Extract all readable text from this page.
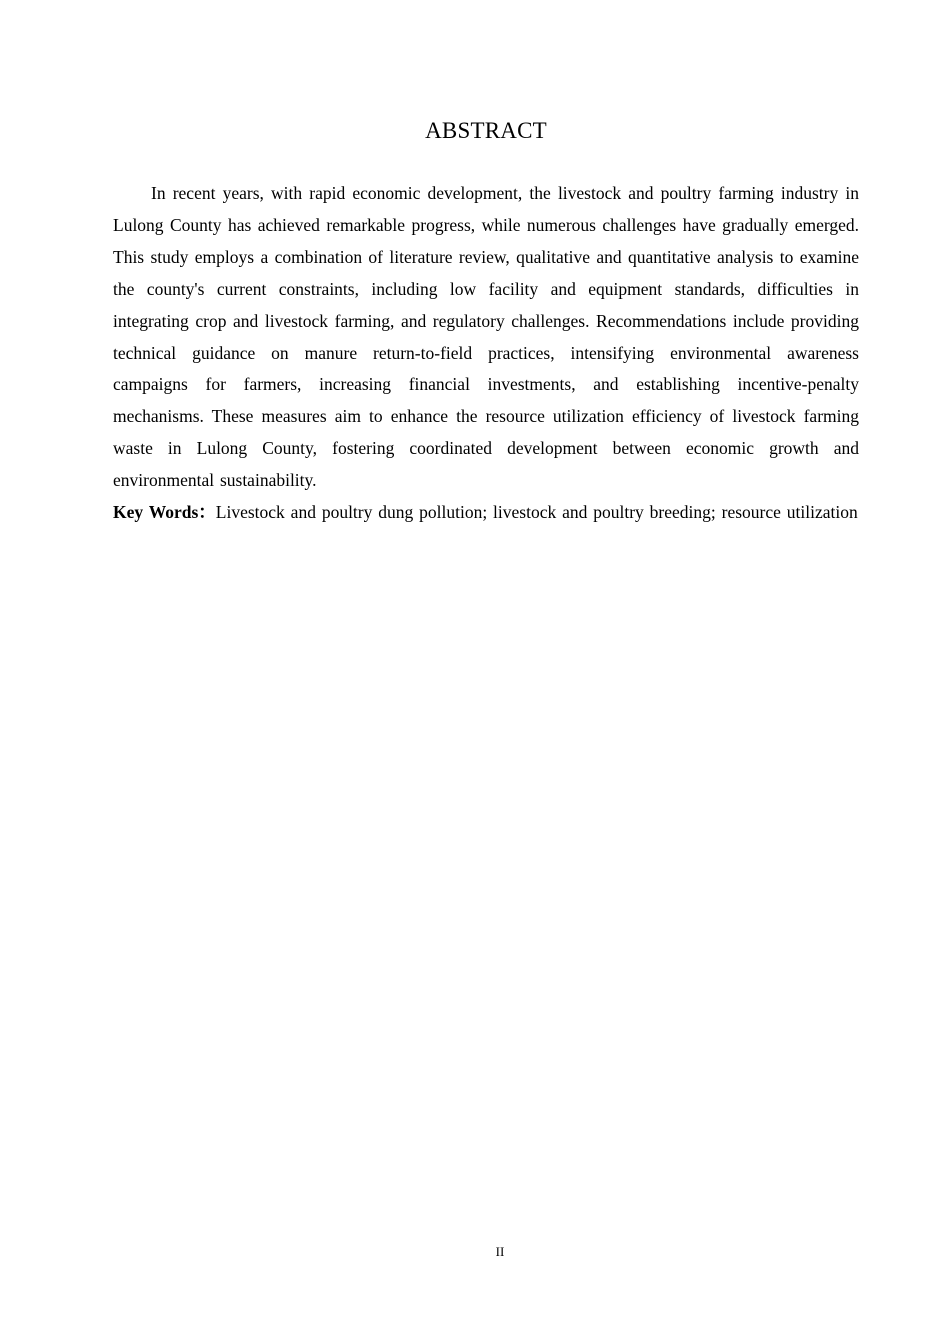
ABSTRACT

In recent years, with rapid economic development, the livestock and poultry farming industry in Lulong County has achieved remarkable progress, while numerous challenges have gradually emerged. This study employs a combination of literature review, qualitative and quantitative analysis to examine the county's current constraints, including low facility and equipment standards, difficulties in integrating crop and livestock farming, and regulatory challenges. Recommendations include providing technical guidance on manure return-to-field practices, intensifying environmental awareness campaigns for farmers, increasing financial investments, and establishing incentive-penalty mechanisms. These measures aim to enhance the resource utilization efficiency of livestock farming waste in Lulong County, fostering coordinated development between economic growth and environmental sustainability.

Key Words：Livestock and poultry dung pollution; livestock and poultry breeding; resource utilization

II
